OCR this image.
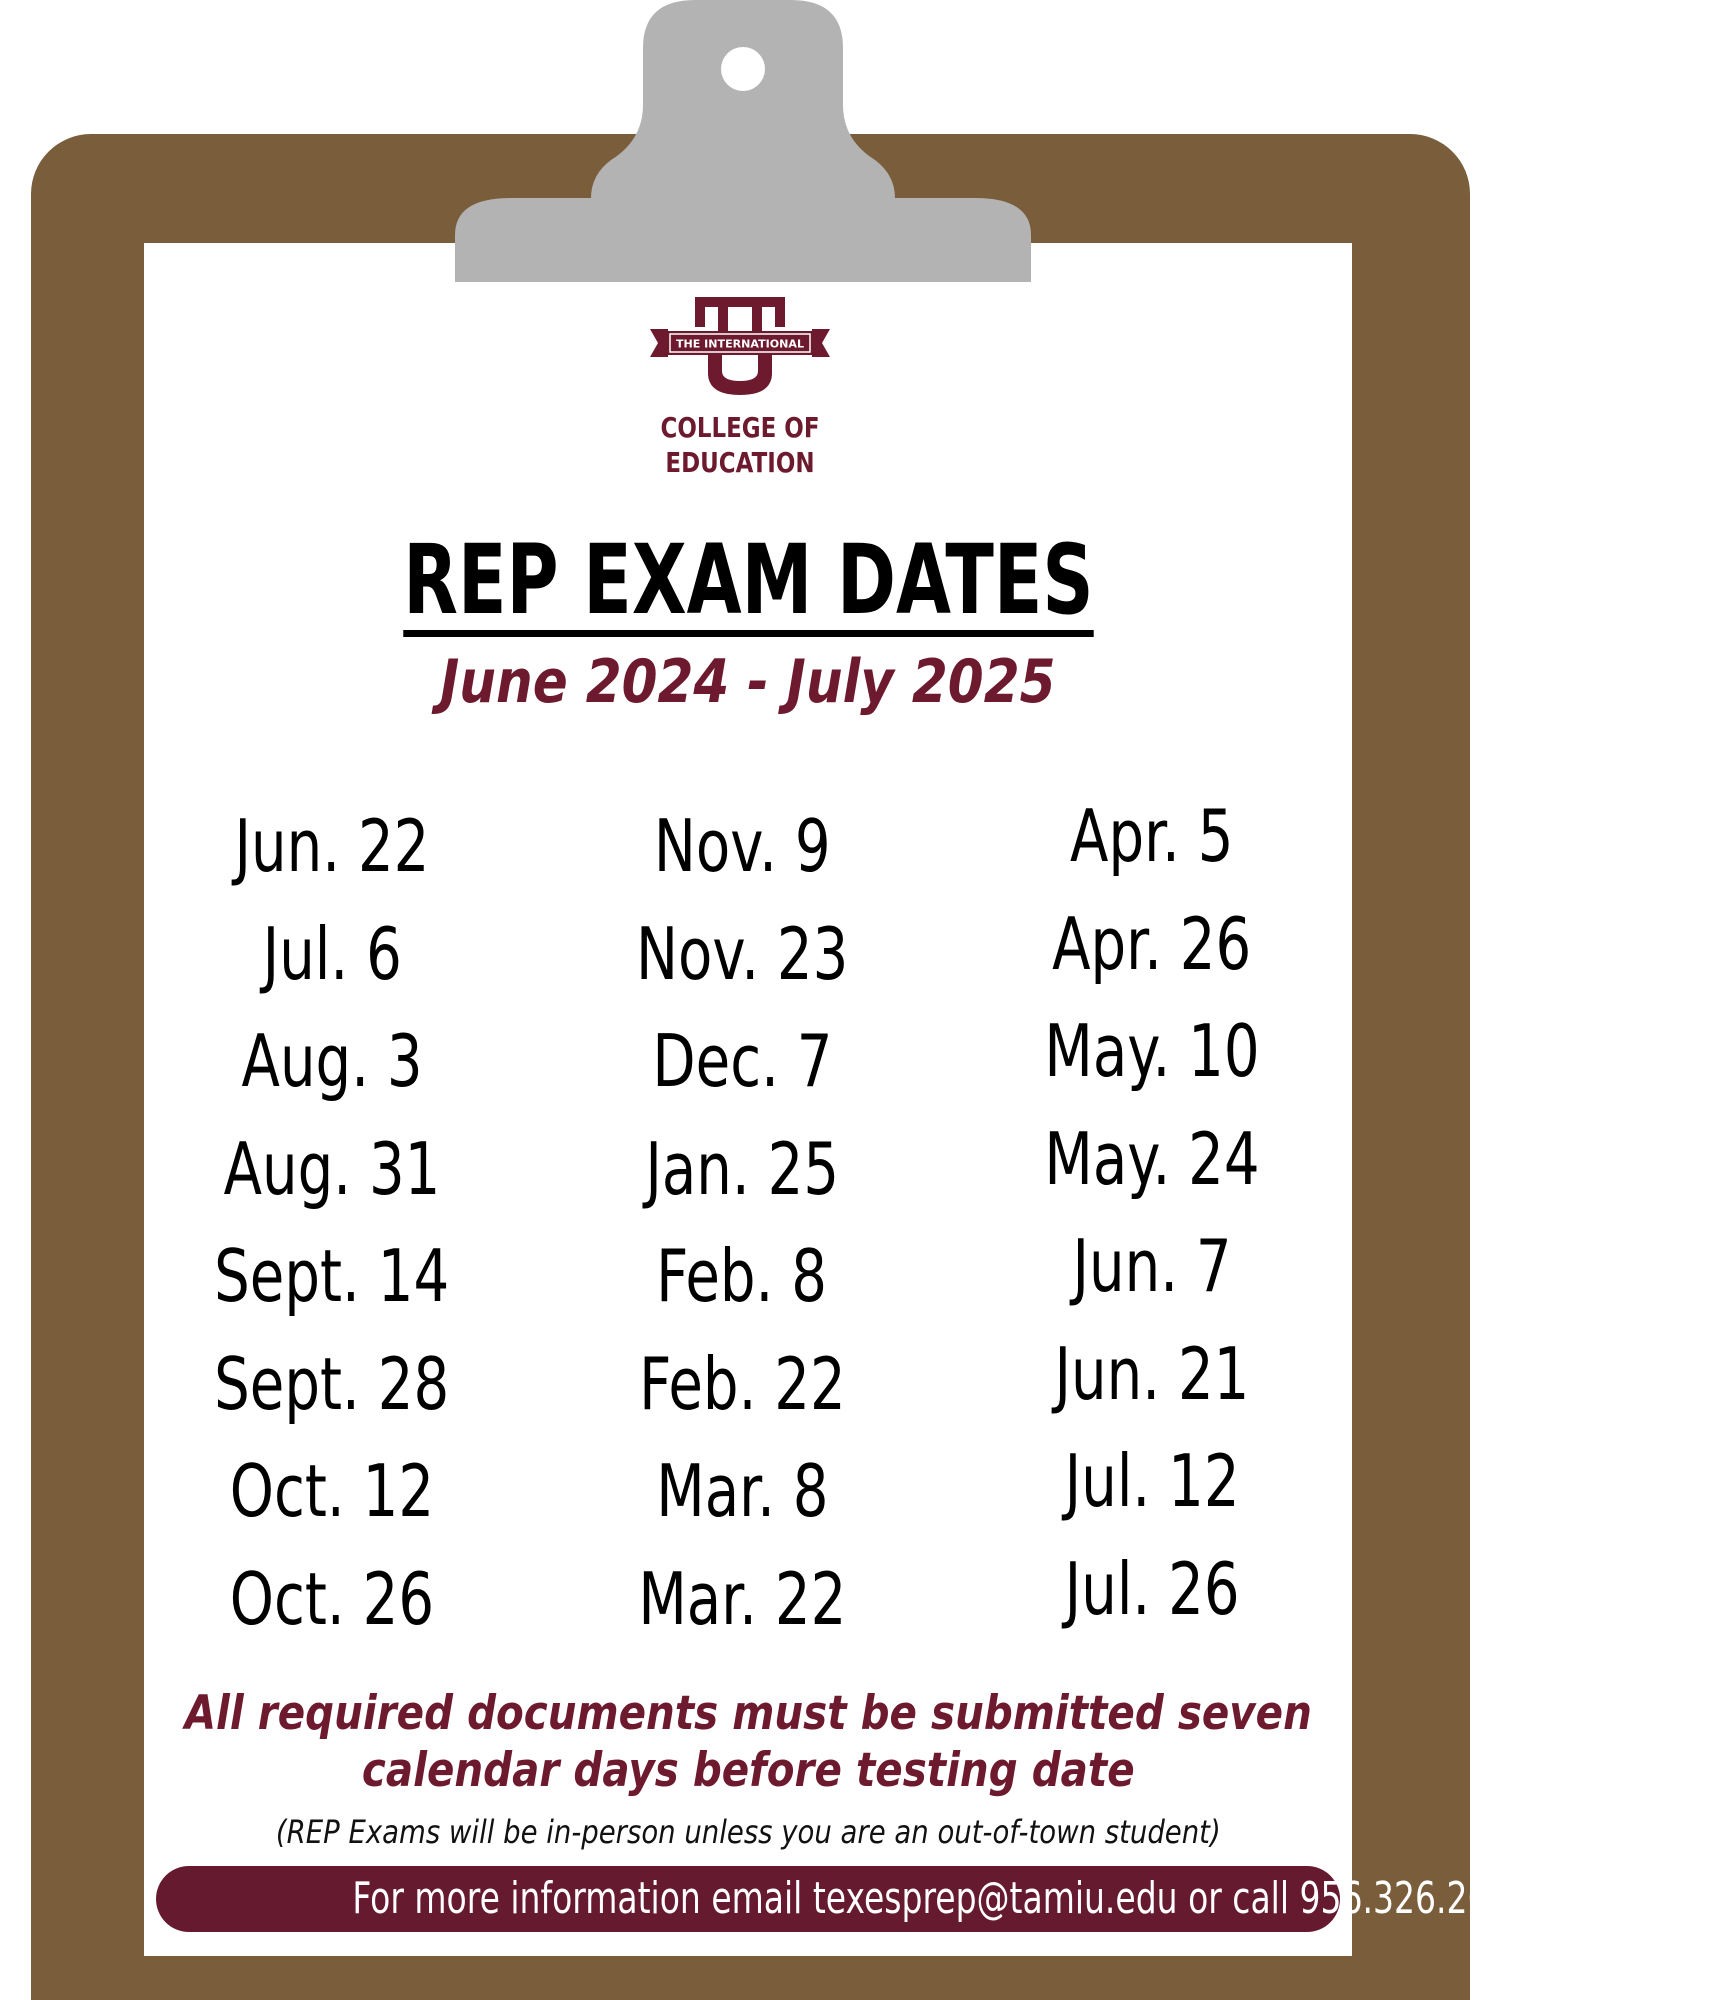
THE INTERNATIONAL
COLLEGE OF
EDUCATION
REP EXAM DATES
June 2024 - July 2025
Jun. 22
Jul. 6
Aug. 3
Aug. 31
Sept. 14
Sept. 28
Oct. 12
Oct. 26
Nov. 9
Nov. 23
Dec. 7
Jan. 25
Feb. 8
Feb. 22
Mar. 8
Mar. 22
Apr. 5
Apr. 26
May. 10
May. 24
Jun. 7
Jun. 21
Jul. 12
Jul. 26
All required documents must be submitted seven
calendar days before testing date
(REP Exams will be in-person unless you are an out-of-town student)
For more information email texesprep@tamiu.edu or call 956.326.2688
